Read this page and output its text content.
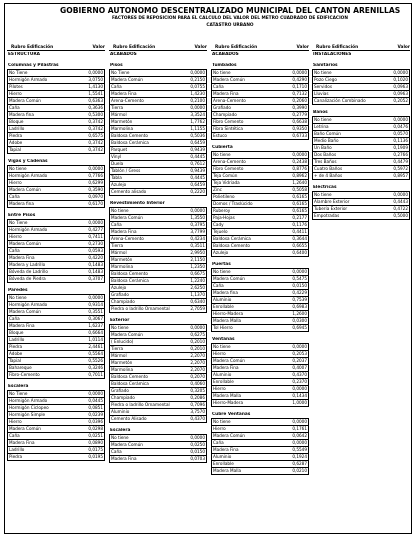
GOBIERNO AUTONOMO DESCENTRALIZADO MUNICIPAL DEL CANTON ARENILLAS
FACTORES DE REPOSICION PARA EL CALCULO DEL VALOR DEL METRO CUADRADO DE EDIFICACION
CATASTRO URBANO
Rubro Edificación	Valor
ESTRUCTURA
Columnas y Pilastras
No Tiene	0,0000
Hormigón Armado	3,0750
Pilotes	1,4130
Hierro	1,5541
Madera Común	0,6363
Caña	0,3636
Madera fina	0,5300
Bloque	0,3742
Ladrillo	0,3742
Piedra	0,6575
Adobe	0,3742
Tapial	0,3742
Vigas y Cadenas
No tiene	0,0000
Hormigón Armado	0,7766
Hierro	0,6299
Madera Común	0,3590
Caña	0,0970
Madera fina	0,6170
Entre Pisos
No Tiene	0,0000
Hormigón Armado	0,4277
Hierro	0,7411
Madera Común	0,2730
Caña	0,0593
Madera Fina	0,4220
Madera y Ladrillo	0,1483
Bóveda de Ladrillo	0,1483
Bóveda de Piedra	0,3707
Paredes
No tiene	0,0000
Hormigón Armado	0,9314
Madera Común	0,3551
Caña	0,3067
Madera Fina	1,6237
Bloque	0,6664
Ladrillo	1,0114
Piedra	2,4461
Adobe	0,5564
Tapial	0,5526
Bahareque	0,3246
Fibro-Cemento	0,7011
Escalera
No Tiene	0,0000
Hormigón Armado	0,0445
Hormigón Ciclopeo	0,0851
Hormigón Simple	0,0239
Hierro	0,0396
Madera Común	0,0298
Caña	0,0251
Madera Fina	0,0890
Ladrillo	0,0175
Piedra	0,0195
Rubro Edificación	Valor
ACABADOS
Pisos
No Tiene	0,0000
Madera Común	0,2150
Caña	0,0755
Madera Fina	1,4230
Arena-Cemento	0,2100
Tierra	0,0000
Mármol	3,3524
Marmetón	1,7762
Marmolina	1,1155
Baldosa Cemento	0,5036
Baldosa Cerámica	0,6459
Parquet	0,9439
Vinyl	0,4445
Duela	0,7612
Tablón / Gress	0,9439
Tabla	0,4445
Azulejo	0,6459
Cemento alisado	0,2220
Revestimiento Interior
No tiene	0,0000
Madera Común	1,3550
Caña	0,3795
Madera Fina	3,7799
Arena-Cemento	0,4234
Tierra	0,3511
Mármol	2,9950
Marmetón	2,1150
Marmolina	1,2350
Baldosa Cemento	0,6675
Baldosa Cerámica	1,2240
Azulejo	2,6250
Grafiado	1,1370
Champiado	0,6340
Piedra o ladrillo Ornamental	2,7059
Exterior
No tiene	0,0000
Madera Común	0,6275
( Enlucido)	0,2010
Tierra	0,2010
Mármol	2,2070
Marmetón	2,2070
Marmolina	2,2070
Baldosa Cemento	0,2070
Baldosa Cerámica	0,4060
Grafiado	0,3205
Champiado	0,2086
Piedra o ladrillo Ornamental	0,7096
Aluminio	3,7570
Cemento Alisado	0,4370
Escalera
No tiene	0,0000
Madera Común	0,0250
Caña	0,0150
Madera Fina	0,0703
Rubro Edificación	Valor
ACABADOS
Tumbados
No tiene	0,0000
Madera Común	0,4290
Caña	0,1710
Madera Fina	0,7132
Arena-Cemento	0,2060
Grafiado	0,3990
Champiado	0,2779
Fibro Cemento	0,6638
Fibra Sintética	0,9350
Estuco	0,6733
Cubierta
No tiene	0,0000
Arena-Cemento	0,2438
Fibro Cemento	0,8776
Teja Común	0,8962
Teja Vidriada	1,2640
Zinc	0,5058
Polietileno	0,6165
Domos / Traslúcido	0,6165
Ruberoy	0,6165
Paja-Hojas	0,2177
Cady	0,1176
Tejuelo	0,4411
Baldosa Cerámica	0,3644
Baldosa Cemento	0,6655
Azulejo	0,6400
Puertas
No tiene	0,0000
Madera Común	0,5475
Caña	0,0150
Madera fina	0,4229
Aluminio	0,7539
Enrollable	0,6983
Hierro-Madera	1,2600
Madera Malla	0,0300
Tol Hierro	0,6945
Ventanas
No tiene	0,0000
Hierro	0,2053
Madera Común	0,2037
Madera Fina	0,4007
Aluminio	0,4370
Enrollable	0,2370
Hierro	0,0000
Madera Malla	0,1434
Hierro-Madera	1,0000
Cubre Ventanas
No tiene	0,0000
Hierro	0,1761
Madera Común	0,0642
Caña	0,0000
Madera Fina	0,5549
Aluminio	0,1924
Enrollable	0,6287
Madera Malla	0,0210
Rubro Edificación	Valor
INSTALACIONES
Sanitarios
No tiene	0,0000
Pozo Ciego	0,1020
Servidos	0,0963
Lluvias	0,0963
Canalización Combinado	0,2052
Baños
No tiene	0,0000
Letrina	0,0476
Baño Común	0,0570
Medio Baño	0,1136
Un Baño	0,1909
Dos Baños	0,2766
Tres Baños	0,4479
Cuatro Baños	0,5972
+ de 4 Baños	0,8957
Eléctricas
No tiene	0,0000
Alambre Exterior	0,4443
Tubería Exterior	0,4722
Empotradas	0,5000
